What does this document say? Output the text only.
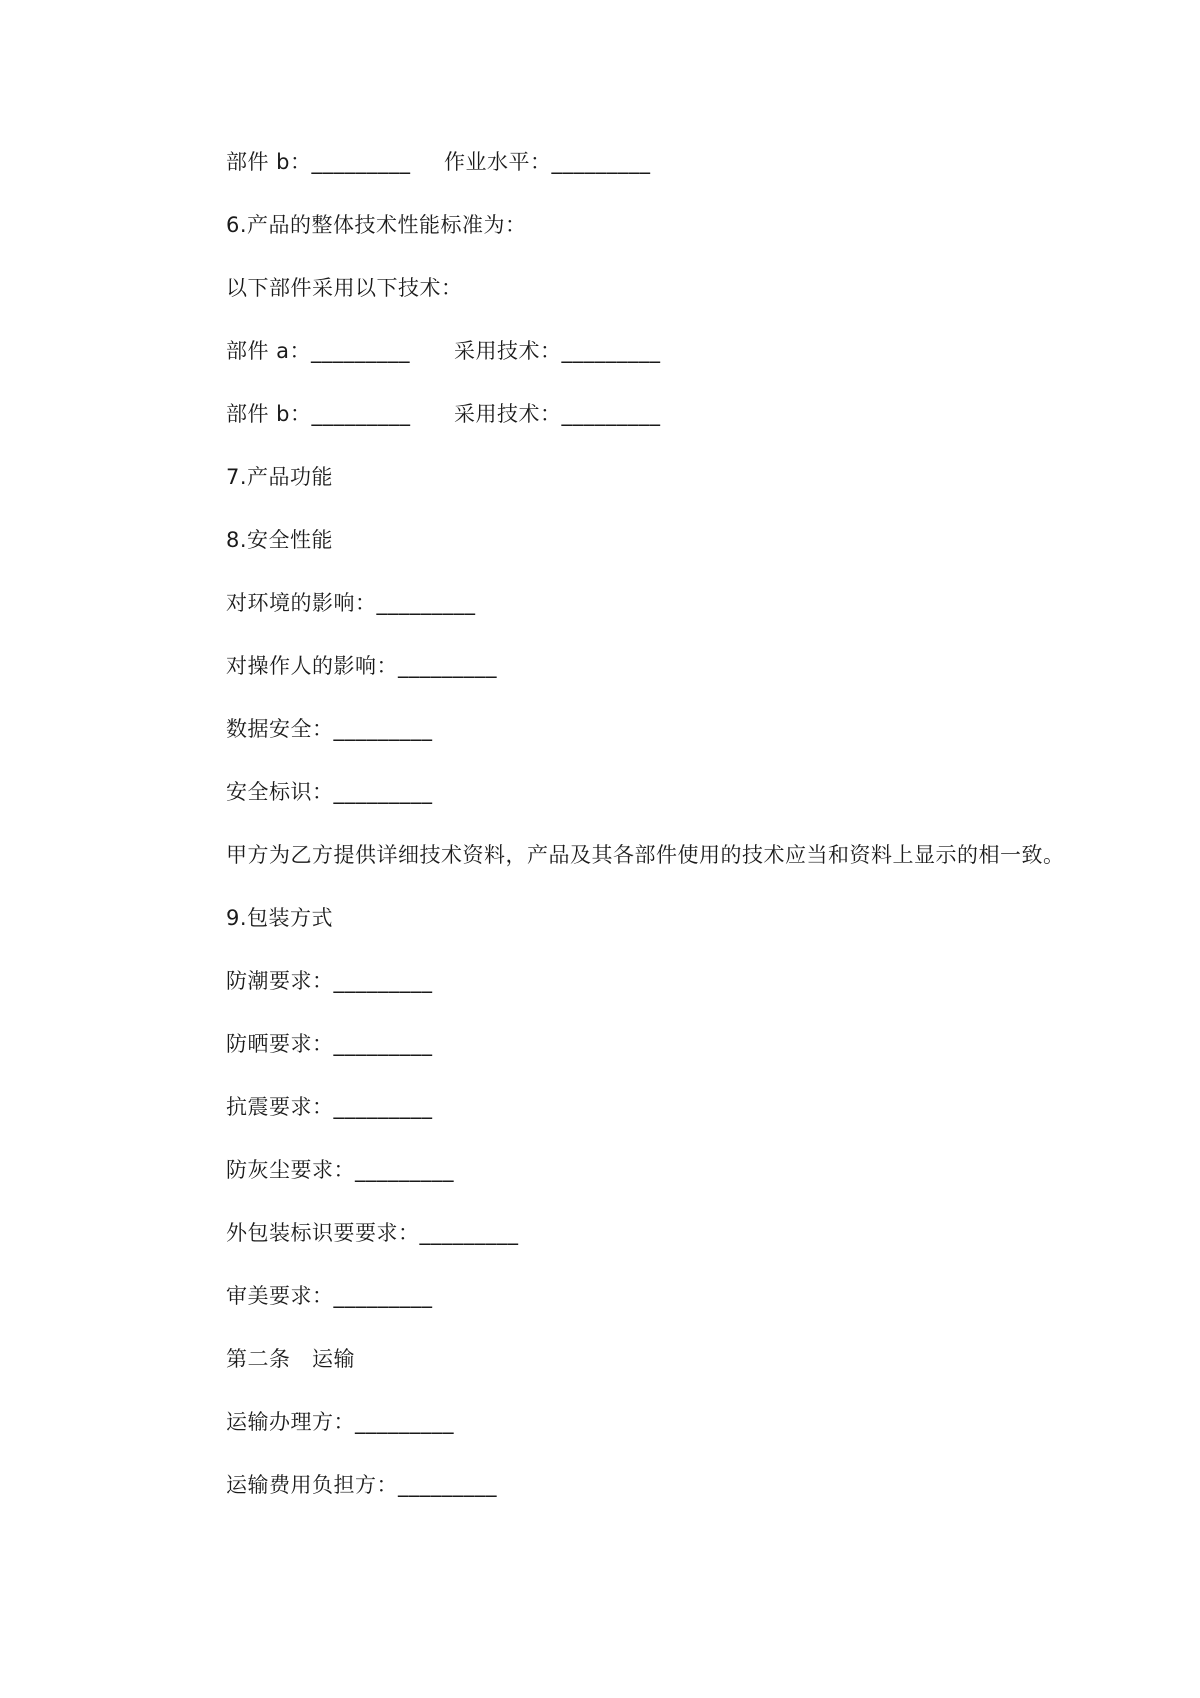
部件 b：_________ 作业水平：_________
6.产品的整体技术性能标准为：
以下部件采用以下技术：
部件 a：_________ 采用技术：_________
部件 b：_________ 采用技术：_________
7.产品功能
8.安全性能
对环境的影响：_________
对操作人的影响：_________
数据安全：_________
安全标识：_________
甲方为乙方提供详细技术资料，产品及其各部件使用的技术应当和资料上显示的相一致。
9.包装方式
防潮要求：_________
防晒要求：_________
抗震要求：_________
防灰尘要求：_________
外包装标识要要求：_________
审美要求：_________
第二条　运输
运输办理方：_________
运输费用负担方：_________
